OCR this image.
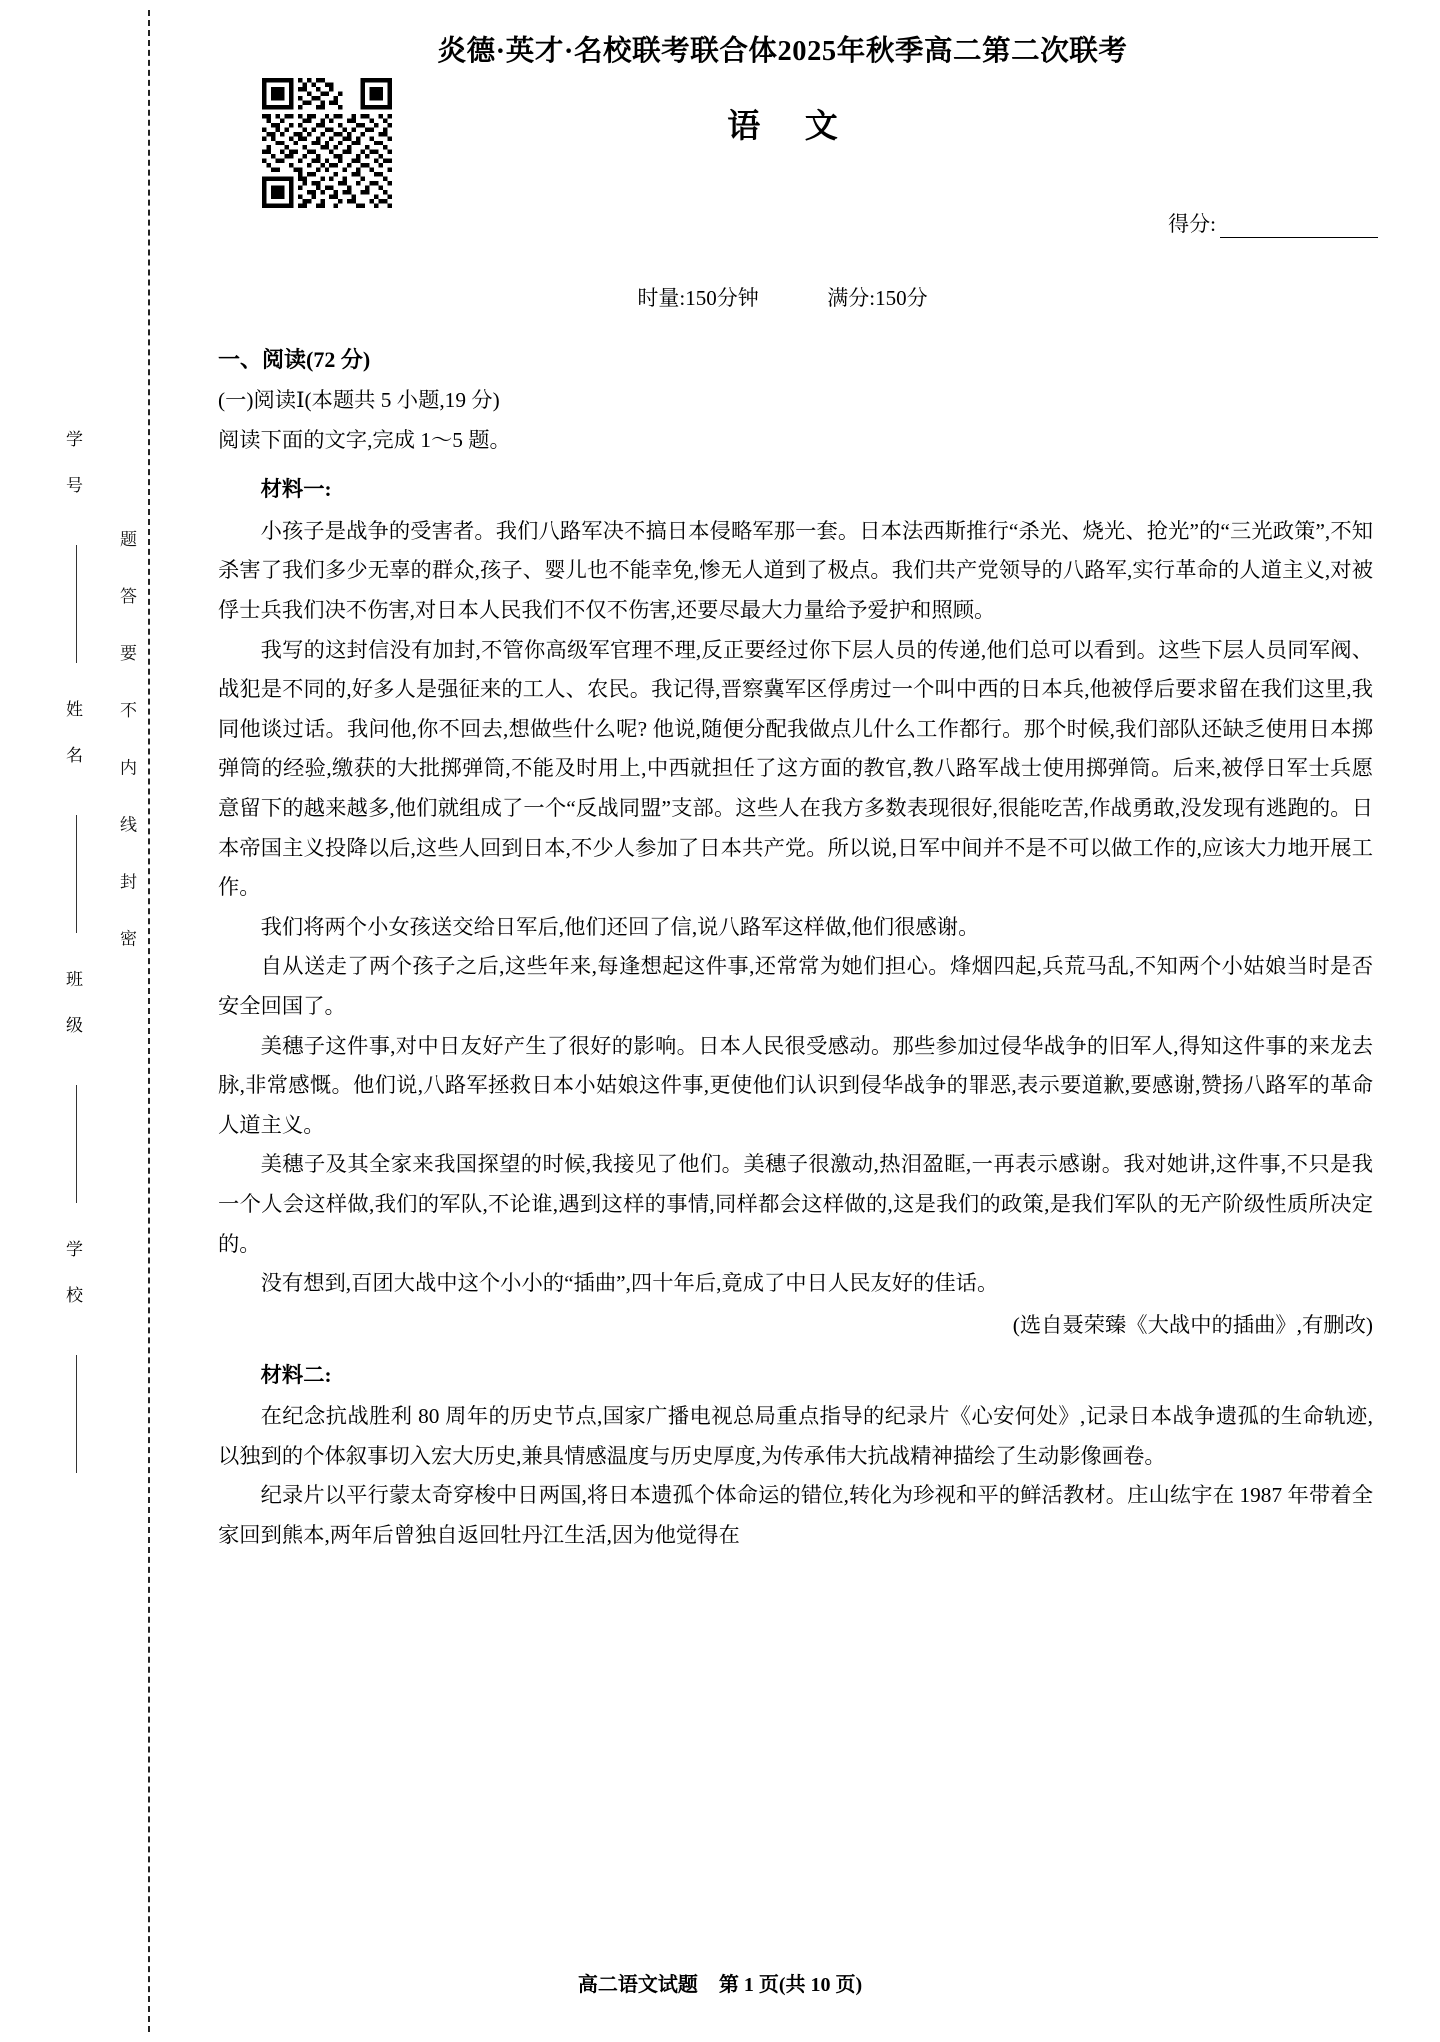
题 答 要 不 内 线 封 密
学 号
姓 名
班 级
学 校
炎德·英才·名校联考联合体2025年秋季高二第二次联考
语 文
得分:
时量:150分钟	满分:150分

一、阅读(72 分)

(一)阅读Ⅰ(本题共 5 小题,19 分)

阅读下面的文字,完成 1～5 题。

材料一:

小孩子是战争的受害者。我们八路军决不搞日本侵略军那一套。日本法西斯推行“杀光、烧光、抢光”的“三光政策”,不知杀害了我们多少无辜的群众,孩子、婴儿也不能幸免,惨无人道到了极点。我们共产党领导的八路军,实行革命的人道主义,对被俘士兵我们决不伤害,对日本人民我们不仅不伤害,还要尽最大力量给予爱护和照顾。

我写的这封信没有加封,不管你高级军官理不理,反正要经过你下层人员的传递,他们总可以看到。这些下层人员同军阀、战犯是不同的,好多人是强征来的工人、农民。我记得,晋察冀军区俘虏过一个叫中西的日本兵,他被俘后要求留在我们这里,我同他谈过话。我问他,你不回去,想做些什么呢? 他说,随便分配我做点儿什么工作都行。那个时候,我们部队还缺乏使用日本掷弹筒的经验,缴获的大批掷弹筒,不能及时用上,中西就担任了这方面的教官,教八路军战士使用掷弹筒。后来,被俘日军士兵愿意留下的越来越多,他们就组成了一个“反战同盟”支部。这些人在我方多数表现很好,很能吃苦,作战勇敢,没发现有逃跑的。日本帝国主义投降以后,这些人回到日本,不少人参加了日本共产党。所以说,日军中间并不是不可以做工作的,应该大力地开展工作。

我们将两个小女孩送交给日军后,他们还回了信,说八路军这样做,他们很感谢。

自从送走了两个孩子之后,这些年来,每逢想起这件事,还常常为她们担心。烽烟四起,兵荒马乱,不知两个小姑娘当时是否安全回国了。

美穗子这件事,对中日友好产生了很好的影响。日本人民很受感动。那些参加过侵华战争的旧军人,得知这件事的来龙去脉,非常感慨。他们说,八路军拯救日本小姑娘这件事,更使他们认识到侵华战争的罪恶,表示要道歉,要感谢,赞扬八路军的革命人道主义。

美穗子及其全家来我国探望的时候,我接见了他们。美穗子很激动,热泪盈眶,一再表示感谢。我对她讲,这件事,不只是我一个人会这样做,我们的军队,不论谁,遇到这样的事情,同样都会这样做的,这是我们的政策,是我们军队的无产阶级性质所决定的。

没有想到,百团大战中这个小小的“插曲”,四十年后,竟成了中日人民友好的佳话。

(选自聂荣臻《大战中的插曲》,有删改)

材料二:

在纪念抗战胜利 80 周年的历史节点,国家广播电视总局重点指导的纪录片《心安何处》,记录日本战争遗孤的生命轨迹,以独到的个体叙事切入宏大历史,兼具情感温度与历史厚度,为传承伟大抗战精神描绘了生动影像画卷。

纪录片以平行蒙太奇穿梭中日两国,将日本遗孤个体命运的错位,转化为珍视和平的鲜活教材。庄山纮宇在 1987 年带着全家回到熊本,两年后曾独自返回牡丹江生活,因为他觉得在

高二语文试题 第 1 页(共 10 页)
